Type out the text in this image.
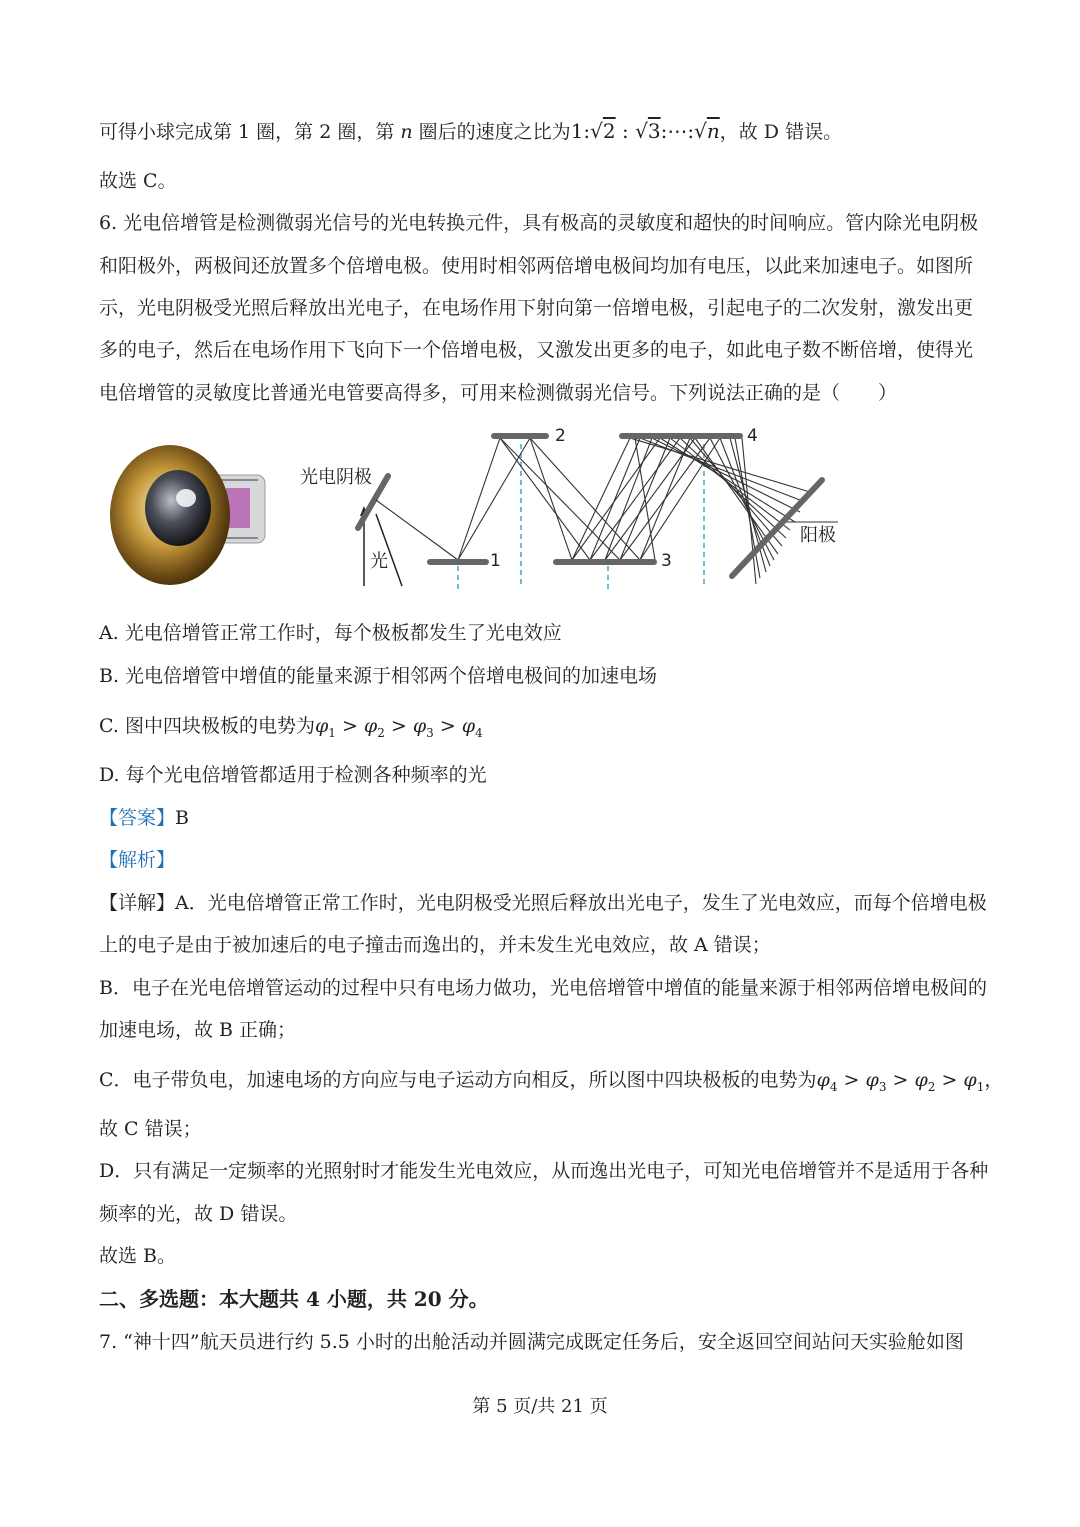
可得小球完成第 1 圈，第 2 圈，第 n 圈后的速度之比为1:√2 : √3:⋯:√n，故 D 错误。
故选 C。
6. 光电倍增管是检测微弱光信号的光电转换元件，具有极高的灵敏度和超快的时间响应。管内除光电阴极
和阳极外，两极间还放置多个倍增电极。使用时相邻两倍增电极间均加有电压，以此来加速电子。如图所
示，光电阴极受光照后释放出光电子，在电场作用下射向第一倍增电极，引起电子的二次发射，激发出更
多的电子，然后在电场作用下飞向下一个倍增电极，又激发出更多的电子，如此电子数不断倍增，使得光
电倍增管的灵敏度比普通光电管要高得多，可用来检测微弱光信号。下列说法正确的是（　　）
光电阴极
光
阳极
1
2
3
4
A. 光电倍增管正常工作时，每个极板都发生了光电效应
B. 光电倍增管中增值的能量来源于相邻两个倍增电极间的加速电场
C. 图中四块极板的电势为$\varphi_1 > \varphi_2 > \varphi_3 > \varphi_4$
D. 每个光电倍增管都适用于检测各种频率的光
【答案】B
【解析】
【详解】A．光电倍增管正常工作时，光电阴极受光照后释放出光电子，发生了光电效应，而每个倍增电极
上的电子是由于被加速后的电子撞击而逸出的，并未发生光电效应，故 A 错误；
B．电子在光电倍增管运动的过程中只有电场力做功，光电倍增管中增值的能量来源于相邻两倍增电极间的
加速电场，故 B 正确；
C．电子带负电，加速电场的方向应与电子运动方向相反，所以图中四块极板的电势为$\varphi_4 > \varphi_3 > \varphi_2 > \varphi_1$，
故 C 错误；
D．只有满足一定频率的光照射时才能发生光电效应，从而逸出光电子，可知光电倍增管并不是适用于各种
频率的光，故 D 错误。
故选 B。
二、多选题：本大题共 4 小题，共 20 分。
7. “神十四”航天员进行约 5.5 小时的出舱活动并圆满完成既定任务后，安全返回空间站问天实验舱如图
第 5 页/共 21 页
